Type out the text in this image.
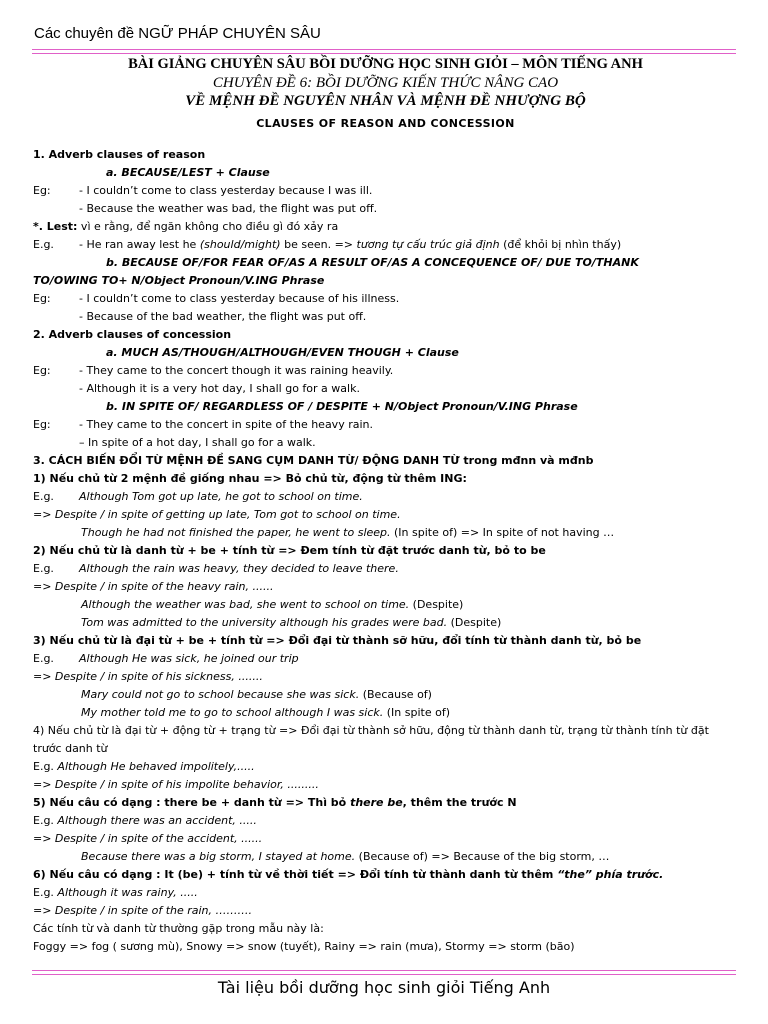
Các chuyên đề NGỮ PHÁP CHUYÊN SÂU
BÀI GIẢNG CHUYÊN SÂU BỒI DƯỠNG HỌC SINH GIỎI – MÔN TIẾNG ANH
CHUYÊN ĐỀ 6: BỒI DƯỠNG KIẾN THỨC NÂNG CAO
VỀ MỆNH ĐỀ NGUYÊN NHÂN VÀ MỆNH ĐỀ NHƯỢNG BỘ
CLAUSES OF REASON AND CONCESSION
1. Adverb clauses of reason
a. BECAUSE/LEST + Clause
Eg:	- I couldn’t come to class yesterday because I was ill.
- Because the weather was bad, the flight was put off.
*. Lest: vì e rằng, để ngăn không cho điều gì đó xảy ra
E.g. - He ran away lest he (should/might) be seen. => tương tự cấu trúc giả định (để khỏi bị nhìn thấy)
b. BECAUSE OF/FOR FEAR OF/AS A RESULT OF/AS A CONCEQUENCE OF/ DUE TO/THANK
TO/OWING TO+ N/Object Pronoun/V.ING Phrase
Eg:	- I couldn’t come to class yesterday because of his illness.
- Because of the bad weather, the flight was put off.
2. Adverb clauses of concession
a. MUCH AS/THOUGH/ALTHOUGH/EVEN THOUGH + Clause
Eg:	- They came to the concert though it was raining heavily.
- Although it is a very hot day, I shall go for a walk.
b. IN SPITE OF/ REGARDLESS OF / DESPITE + N/Object Pronoun/V.ING Phrase
Eg:	- They came to the concert in spite of the heavy rain.
– In spite of a hot day, I shall go for a walk.
3. CÁCH BIẾN ĐỔI TỪ MỆNH ĐỀ SANG CỤM DANH TỪ/ ĐỘNG DANH TỪ trong mđnn và mđnb
1) Nếu chủ từ 2 mệnh đề giống nhau => Bỏ chủ từ, động từ thêm ING:
E.g. Although Tom got up late, he got to school on time.
=> Despite / in spite of getting up late, Tom got to school on time.
Though he had not finished the paper, he went to sleep. (In spite of) => In spite of not having …
2) Nếu chủ từ là danh từ + be + tính từ => Đem tính từ đặt trước danh từ, bỏ to be
E.g. Although the rain was heavy, they decided to leave there.
=> Despite / in spite of the heavy rain, ......
Although the weather was bad, she went to school on time. (Despite)
Tom was admitted to the university although his grades were bad. (Despite)
3) Nếu chủ từ là đại từ + be + tính từ => Đổi đại từ thành sỡ hữu, đổi tính từ thành danh từ, bỏ be
E.g. Although He was sick, he joined our trip
=> Despite / in spite of his sickness, .......
Mary could not go to school because she was sick. (Because of)
My mother told me to go to school although I was sick. (In spite of)
4) Nếu chủ từ là đại từ + động từ + trạng từ => Đổi đại từ thành sở hữu, động từ thành danh từ, trạng từ thành tính từ đặt trước danh từ
E.g. Although He behaved impolitely,.....
=> Despite / in spite of his impolite behavior, .........
5) Nếu câu có dạng : there be + danh từ => Thì bỏ there be, thêm the trước N
E.g. Although there was an accident, .....
=> Despite / in spite of the accident, ......
Because there was a big storm, I stayed at home. (Because of) => Because of the big storm, …
6) Nếu câu có dạng : It (be) + tính từ về thời tiết => Đổi tính từ thành danh từ thêm “the” phía trước.
E.g. Although it was rainy, .....
=> Despite / in spite of the rain, ……….
Các tính từ và danh từ thường gặp trong mẫu này là:
Foggy => fog ( sương mù), Snowy => snow (tuyết), Rainy => rain (mưa), Stormy => storm (bão)
Tài liệu bồi dưỡng học sinh giỏi Tiếng Anh
